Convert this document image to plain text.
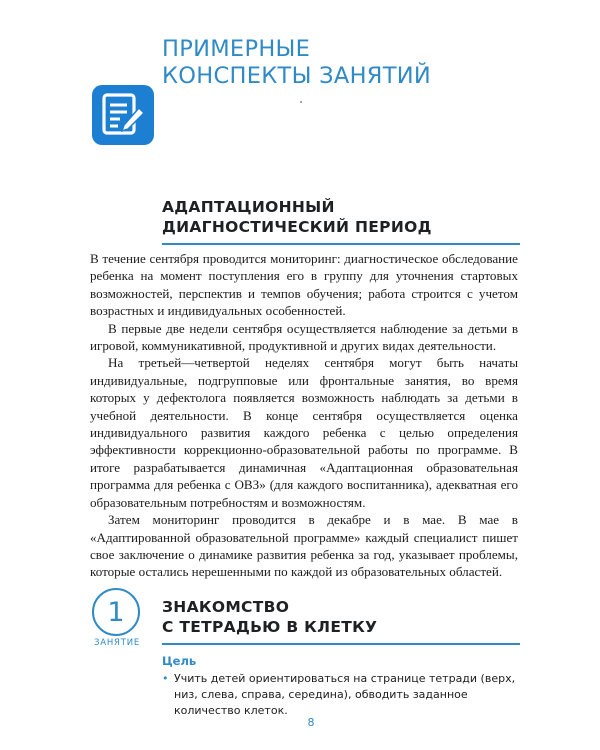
ПРИМЕРНЫЕ
КОНСПЕКТЫ ЗАНЯТИЙ
АДАПТАЦИОННЫЙ
ДИАГНОСТИЧЕСКИЙ ПЕРИОД

В течение сентября проводится мониторинг: диагностическое обследование ребенка на момент поступления его в группу для уточнения стартовых возможностей, перспектив и темпов обучения; работа строится с учетом возрастных и индивидуальных особенностей.

В первые две недели сентября осуществляется наблюдение за детьми в игровой, коммуникативной, продуктивной и других видах деятельности.

На третьей—четвертой неделях сентября могут быть начаты индивидуальные, подгрупповые или фронтальные занятия, во время которых у дефектолога появляется возможность наблюдать за детьми в учебной деятельности. В конце сентября осуществляется оценка индивидуального развития каждого ребенка с целью определения эффективности коррекционно-образовательной работы по программе. В итоге разрабатывается динамичная «Адаптационная образовательная программа для ребенка с ОВЗ» (для каждого воспитанника), адекватная его образовательным потребностям и возможностям.

Затем мониторинг проводится в декабре и в мае. В мае в «Адаптированной образовательной программе» каждый специалист пишет свое заключение о динамике развития ребенка за год, указывает проблемы, которые остались нерешенными по каждой из образовательных областей.

1
ЗАНЯТИЕ
ЗНАКОМСТВО
С ТЕТРАДЬЮ В КЛЕТКУ
Цель
• Учить детей ориентироваться на странице тетради (верх, низ, слева, справа, середина), обводить заданное количество клеток.
8
